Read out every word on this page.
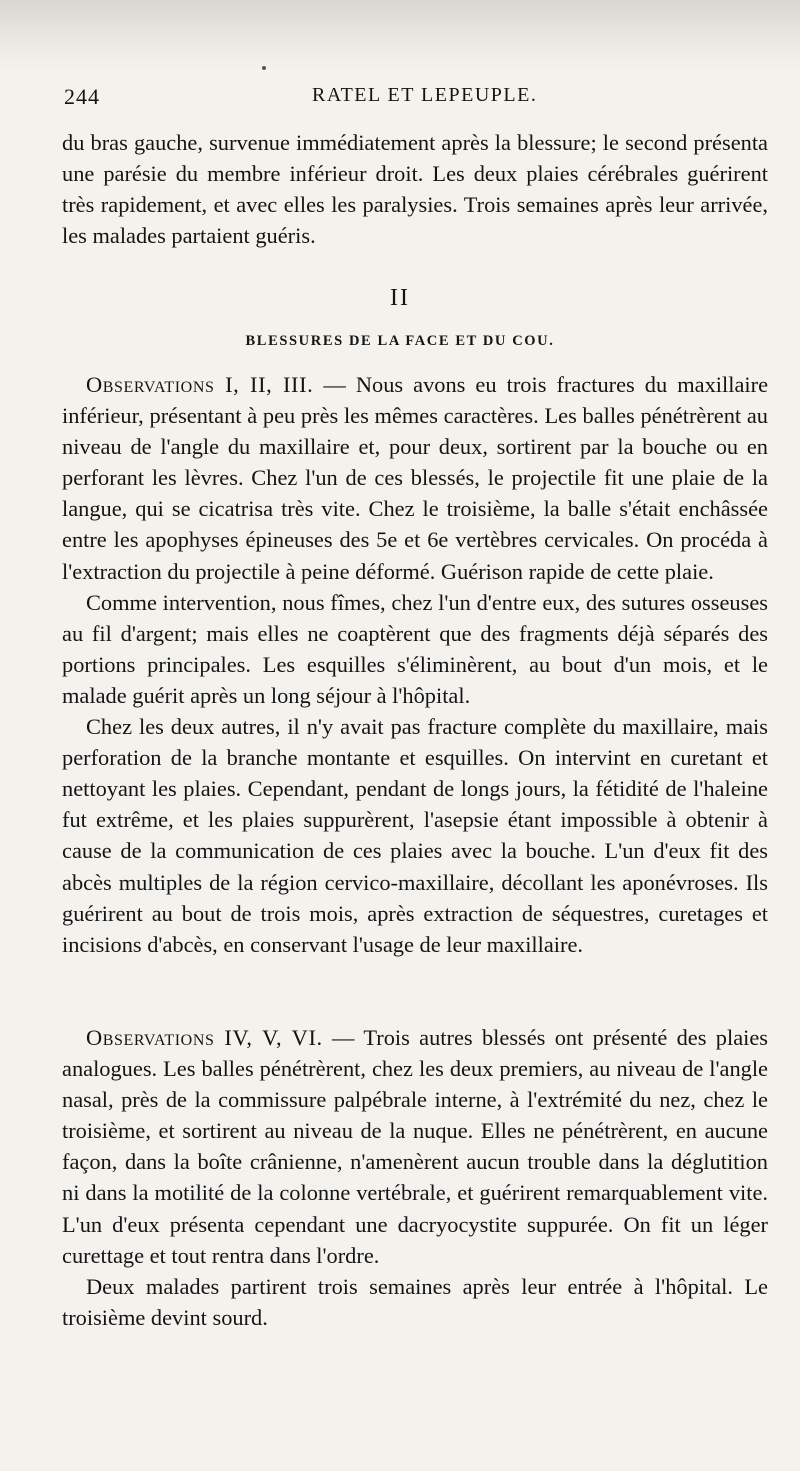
244	RATEL ET LEPEUPLE.

du bras gauche, survenue immédiatement après la blessure; le second présenta une parésie du membre inférieur droit. Les deux plaies cérébrales guérirent très rapidement, et avec elles les paralysies. Trois semaines après leur arrivée, les malades partaient guéris.

II
BLESSURES DE LA FACE ET DU COU.

Observations I, II, III. — Nous avons eu trois fractures du maxillaire inférieur, présentant à peu près les mêmes caractères. Les balles pénétrèrent au niveau de l'angle du maxillaire et, pour deux, sortirent par la bouche ou en perforant les lèvres. Chez l'un de ces blessés, le projectile fit une plaie de la langue, qui se cicatrisa très vite. Chez le troisième, la balle s'était enchâssée entre les apophyses épineuses des 5e et 6e vertèbres cervicales. On procéda à l'extraction du projectile à peine déformé. Guérison rapide de cette plaie.

Comme intervention, nous fîmes, chez l'un d'entre eux, des sutures osseuses au fil d'argent; mais elles ne coaptèrent que des fragments déjà séparés des portions principales. Les esquilles s'éliminèrent, au bout d'un mois, et le malade guérit après un long séjour à l'hôpital.

Chez les deux autres, il n'y avait pas fracture complète du maxillaire, mais perforation de la branche montante et esquilles. On intervint en curetant et nettoyant les plaies. Cependant, pendant de longs jours, la fétidité de l'haleine fut extrême, et les plaies suppurèrent, l'asepsie étant impossible à obtenir à cause de la communication de ces plaies avec la bouche. L'un d'eux fit des abcès multiples de la région cervico-maxillaire, décollant les aponévroses. Ils guérirent au bout de trois mois, après extraction de séquestres, curetages et incisions d'abcès, en conservant l'usage de leur maxillaire.

Observations IV, V, VI. — Trois autres blessés ont présenté des plaies analogues. Les balles pénétrèrent, chez les deux premiers, au niveau de l'angle nasal, près de la commissure palpébrale interne, à l'extrémité du nez, chez le troisième, et sortirent au niveau de la nuque. Elles ne pénétrèrent, en aucune façon, dans la boîte crânienne, n'amenèrent aucun trouble dans la déglutition ni dans la motilité de la colonne vertébrale, et guérirent remarquablement vite. L'un d'eux présenta cependant une dacryocystite suppurée. On fit un léger curettage et tout rentra dans l'ordre.

Deux malades partirent trois semaines après leur entrée à l'hôpital. Le troisième devint sourd.
